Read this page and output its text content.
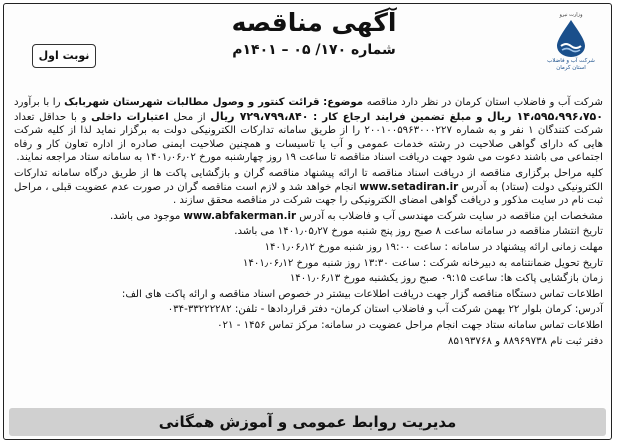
وزارت نیرو
شرکت آب و فاضلاب استان کرمان
آگهی مناقصه
شماره ۱۷۰/ ۰۵ – ۱۴۰۱م
نوبت اول

شرکت آب و فاضلاب استان کرمان در نظر دارد مناقصه موضوع: قرائت کنتور و وصول مطالبات شهرستان شهربابک را با برآورد ۱۴،۵۹۵،۹۹۶،۷۵۰ ریال و مبلغ تضمین فرایند ارجاع کار : ۷۲۹،۷۹۹،۸۴۰ ریال از محل اعتبارات داخلی و با حداقل تعداد شرکت کنندگان ۱ نفر و به شماره ۲۰۰۱۰۰۵۹۶۳۰۰۰۲۲۷ را از طریق سامانه تدارکات الکترونیکی دولت به برگزار نماید لذا از کلیه شرکت هایی که دارای گواهی صلاحیت در رشته خدمات عمومی و آب یا تاسیسات و همچنین صلاحیت ایمنی صادره از اداره تعاون کار و رفاه اجتماعی می باشند دعوت می شود جهت دریافت اسناد مناقصه تا ساعت ۱۹ روز چهارشنبه مورخ ۱۴۰۱٫۰۶٫۰۲ به سامانه ستاد مراجعه نمایند.

کلیه مراحل برگزاری مناقصه از دریافت اسناد مناقصه تا ارائه پیشنهاد مناقصه گران و بازگشایی پاکت ها از طریق درگاه سامانه تدارکات الکترونیکی دولت (ستاد) به آدرس www.setadiran.ir انجام خواهد شد و لازم است مناقصه گران در صورت عدم عضویت قبلی ، مراحل ثبت نام در سایت مذکور و دریافت گواهی امضای الکترونیکی را جهت شرکت در مناقصه محقق سازند .

مشخصات این مناقصه در سایت شرکت مهندسی آب و فاضلاب به آدرس www.abfakerman.ir موجود می باشد.

تاریخ انتشار مناقصه در سامانه ساعت ۸ صبح روز پنج شنبه مورخ ۱۴۰۱٫۰۵٫۲۷ می باشد.

مهلت زمانی ارائه پیشنهاد در سامانه : ساعت ۱۹:۰۰ روز شنبه مورخ ۱۴۰۱٫۰۶٫۱۲

تاریخ تحویل ضمانتنامه به دبیرخانه شرکت : ساعت ۱۳:۳۰ روز شنبه مورخ ۱۴۰۱٫۰۶٫۱۲

زمان بازگشایی پاکت ها: ساعت ۰۹:۱۵ صبح روز یکشنبه مورخ ۱۴۰۱٫۰۶٫۱۳

اطلاعات تماس دستگاه مناقصه گزار جهت دریافت اطلاعات بیشتر در خصوص اسناد مناقصه و ارائه پاکت های الف:

آدرس: کرمان بلوار ۲۲ بهمن شرکت آب و فاضلاب استان کرمان- دفتر قراردادها - تلفن: ۳۳۲۲۲۲۸۲-۰۳۴

اطلاعات تماس سامانه ستاد جهت انجام مراحل عضویت در سامانه: مرکز تماس ۱۴۵۶ - ۰۲۱

دفتر ثبت نام ۸۸۹۶۹۷۳۸ و ۸۵۱۹۳۷۶۸

مدیریت روابط عمومی و آموزش همگانی
